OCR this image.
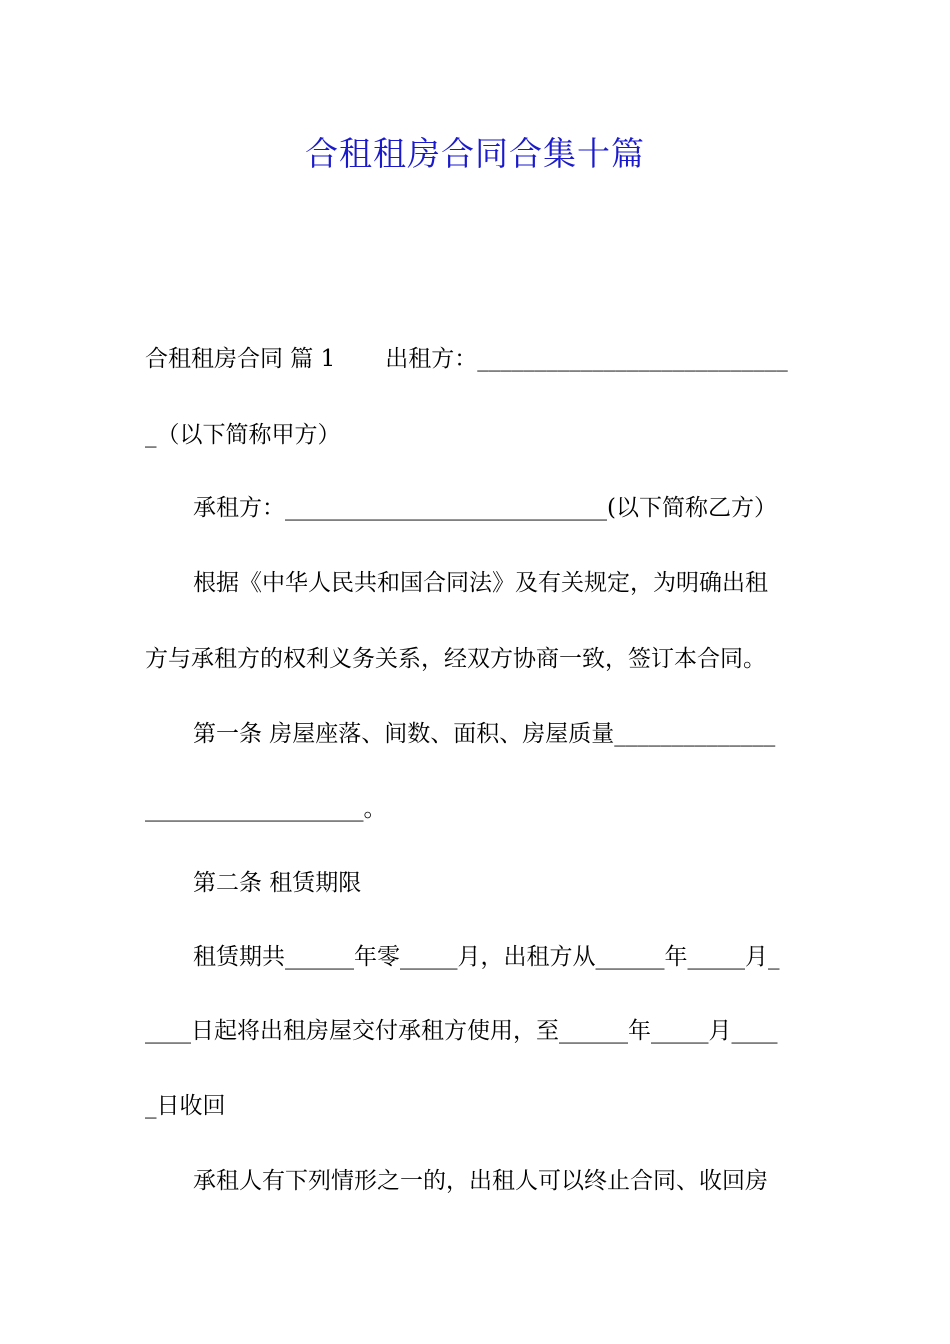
合租租房合同合集十篇

合租租房合同 篇 1 出租方：___________________________

_（以下简称甲方）

承租方：____________________________(以下简称乙方）

根据《中华人民共和国合同法》及有关规定，为明确出租

方与承租方的权利义务关系，经双方协商一致，签订本合同。

第一条 房屋座落、间数、面积、房屋质量______________

___________________。

第二条 租赁期限

租赁期共______年零_____月，出租方从______年_____月_

____日起将出租房屋交付承租方使用，至______年_____月____

_日收回

承租人有下列情形之一的，出租人可以终止合同、收回房
